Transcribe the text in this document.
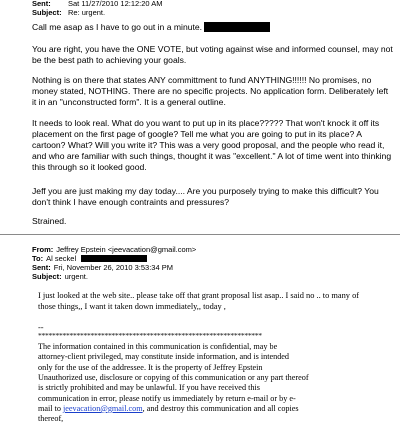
Sent: Sat 11/27/2010 12:12:20 AM
Subject: Re: urgent.

Call me asap as I have to go out in a minute.

You are right, you have the ONE VOTE, but voting against wise and informed counsel, may not be the best path to achieving your goals.

Nothing is on there that states ANY committment to fund ANYTHING!!!!!! No promises, no money stated, NOTHING. There are no specific projects. No application form. Deliberately left it in an "unconstructed form". It is a general outline.

It needs to look real. What do you want to put up in its place????? That won't knock it off its placement on the first page of google? Tell me what you are going to put in its place? A cartoon? What? Will you write it? This was a very good proposal, and the people who read it, and who are familiar with such things, thought it was "excellent." A lot of time went into thinking this through so it looked good.

Jeff you are just making my day today.... Are you purposely trying to make this difficult? You don't think I have enough contraints and pressures?

Strained.

From: Jeffrey Epstein <jeevacation@gmail.com>
To: Al seckel
Sent: Fri, November 26, 2010 3:53:34 PM
Subject: urgent.

I just looked at the web site.. please take off that grant proposal list asap.. I said no .. to many of those things,, I want it taken down immediately,, today ,

--

****************************************************************

The information contained in this communication is confidential, may be attorney-client privileged, may constitute inside information, and is intended only for the use of the addressee. It is the property of Jeffrey Epstein

Unauthorized use, disclosure or copying of this communication or any part thereof is strictly prohibited and may be unlawful. If you have received this communication in error, please notify us immediately by return e-mail or by e-mail to jeevacation@gmail.com, and destroy this communication and all copies thereof,
